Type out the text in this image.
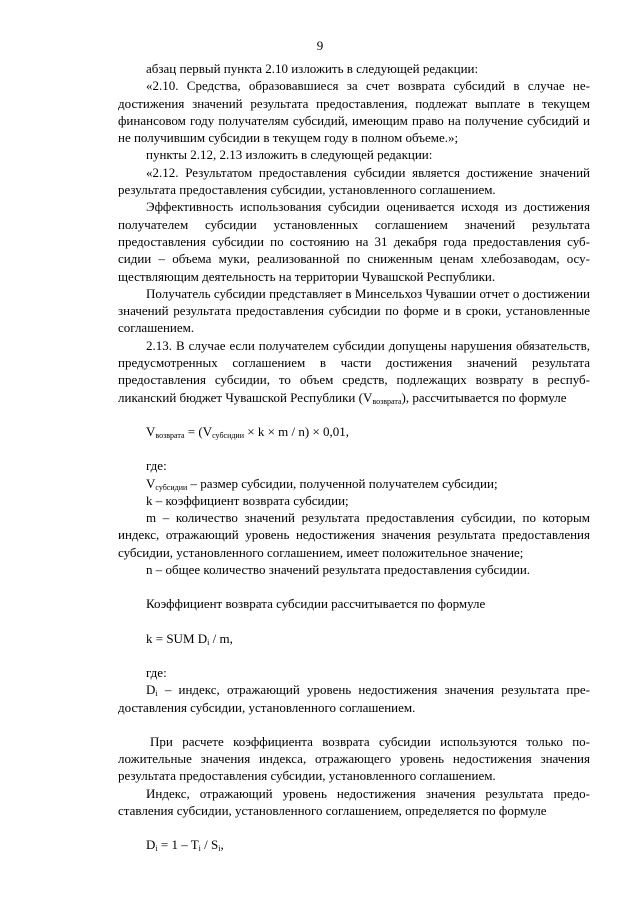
9

абзац первый пункта 2.10 изложить в следующей редакции:

«2.10. Средства, образовавшиеся за счет возврата субсидий в случае недостижения значений результата предоставления, подлежат выплате в текущем финансовом году получателям субсидий, имеющим право на получение субсидий и не получившим субсидии в текущем году в полном объеме.»;

пункты 2.12, 2.13 изложить в следующей редакции:

«2.12. Результатом предоставления субсидии является достижение значений результата предоставления субсидии, установленного соглашением.

Эффективность использования субсидии оценивается исходя из достижения получателем субсидии установленных соглашением значений результата предоставления субсидии по состоянию на 31 декабря года предоставления субсидии – объема муки, реализованной по сниженным ценам хлебозаводам, осуществляющим деятельность на территории Чувашской Республики.

Получатель субсидии представляет в Минсельхоз Чувашии отчет о достижении значений результата предоставления субсидии по форме и в сроки, установленные соглашением.

2.13. В случае если получателем субсидии допущены нарушения обязательств, предусмотренных соглашением в части достижения значений результата предоставления субсидии, то объем средств, подлежащих возврату в республиканский бюджет Чувашской Республики $(V_{возврата})$, рассчитывается по формуле

$V_{возврата} = (V_{субсидии} \times k \times m / n) \times 0,01$,

где:

$V_{субсидии}$ – размер субсидии, полученной получателем субсидии;

k – коэффициент возврата субсидии;

m – количество значений результата предоставления субсидии, по которым индекс, отражающий уровень недостижения значения результата предоставления субсидии, установленного соглашением, имеет положительное значение;

n – общее количество значений результата предоставления субсидии.

Коэффициент возврата субсидии рассчитывается по формуле

k = SUM $D_i$ / m,

где:

$D_i$ – индекс, отражающий уровень недостижения значения результата предоставления субсидии, установленного соглашением.

При расчете коэффициента возврата субсидии используются только положительные значения индекса, отражающего уровень недостижения значения результата предоставления субсидии, установленного соглашением.

Индекс, отражающий уровень недостижения значения результата предоставления субсидии, установленного соглашением, определяется по формуле

$D_i = 1 - T_i / S_i$,
